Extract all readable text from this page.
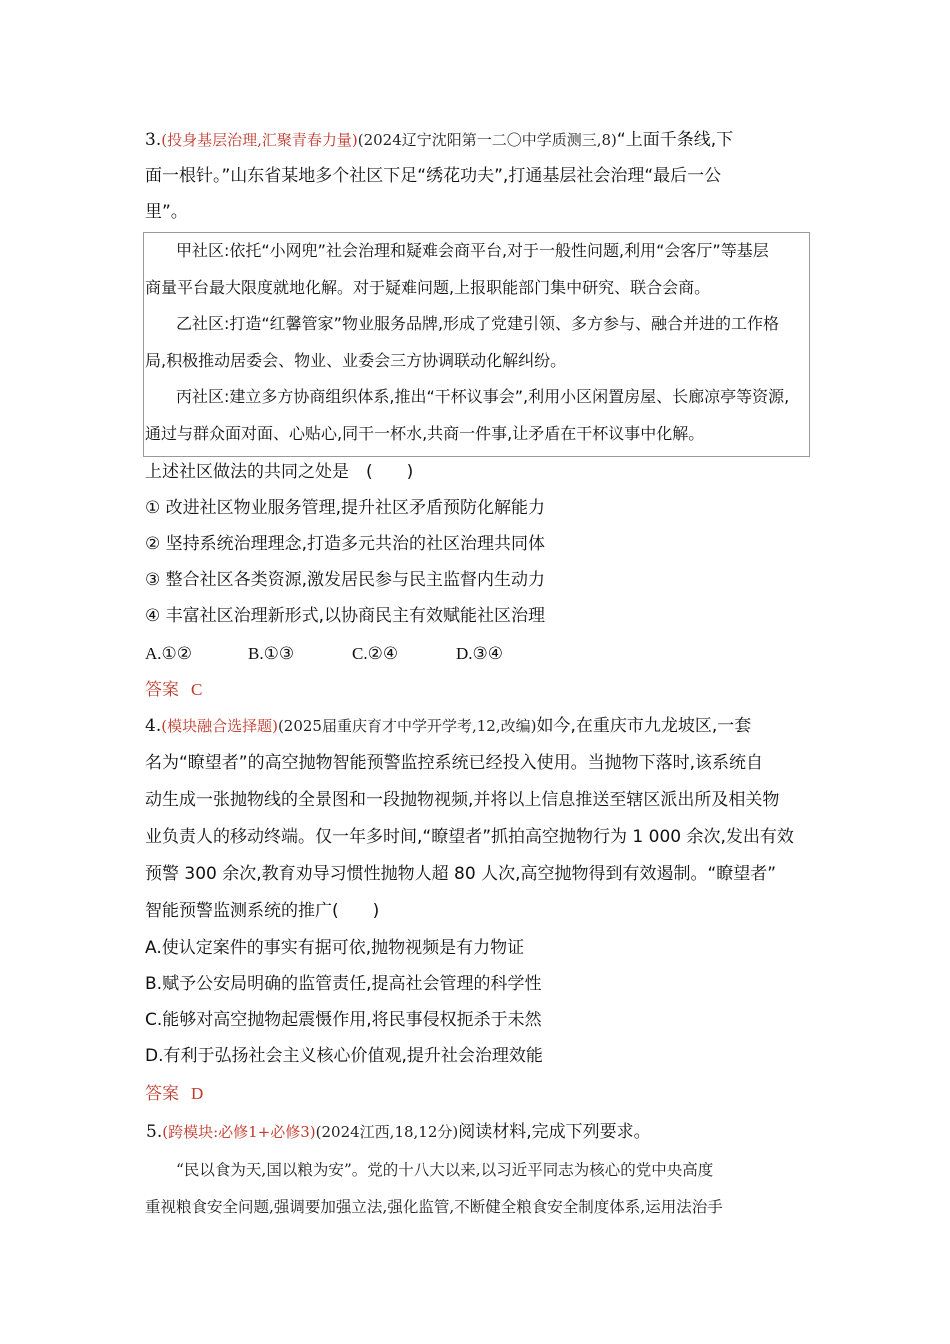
3.(投身基层治理,汇聚青春力量)(2024辽宁沈阳第一二〇中学质测三,8)“上面千条线,下
面一根针。”山东省某地多个社区下足“绣花功夫”,打通基层社会治理“最后一公
里”。
甲社区:依托“小网兜”社会治理和疑难会商平台,对于一般性问题,利用“会客厅”等基层
商量平台最大限度就地化解。对于疑难问题,上报职能部门集中研究、联合会商。
乙社区:打造“红馨管家”物业服务品牌,形成了党建引领、多方参与、融合并进的工作格
局,积极推动居委会、物业、业委会三方协调联动化解纠纷。
丙社区:建立多方协商组织体系,推出“干杯议事会”,利用小区闲置房屋、长廊凉亭等资源,
通过与群众面对面、心贴心,同干一杯水,共商一件事,让矛盾在干杯议事中化解。
上述社区做法的共同之处是　(　　)
① 改进社区物业服务管理,提升社区矛盾预防化解能力
② 坚持系统治理理念,打造多元共治的社区治理共同体
③ 整合社区各类资源,激发居民参与民主监督内生动力
④ 丰富社区治理新形式,以协商民主有效赋能社区治理
A.①②	B.①③	C.②④	D.③④
答案 C
4.(模块融合选择题)(2025届重庆育才中学开学考,12,改编)如今,在重庆市九龙坡区,一套
名为“瞭望者”的高空抛物智能预警监控系统已经投入使用。当抛物下落时,该系统自
动生成一张抛物线的全景图和一段抛物视频,并将以上信息推送至辖区派出所及相关物
业负责人的移动终端。仅一年多时间,“瞭望者”抓拍高空抛物行为 1 000 余次,发出有效
预警 300 余次,教育劝导习惯性抛物人超 80 人次,高空抛物得到有效遏制。“瞭望者”
智能预警监测系统的推广(　　)
A.使认定案件的事实有据可依,抛物视频是有力物证
B.赋予公安局明确的监管责任,提高社会管理的科学性
C.能够对高空抛物起震慑作用,将民事侵权扼杀于未然
D.有利于弘扬社会主义核心价值观,提升社会治理效能
答案 D
5.(跨模块:必修1+必修3)(2024江西,18,12分)阅读材料,完成下列要求。
“民以食为天,国以粮为安”。党的十八大以来,以习近平同志为核心的党中央高度
重视粮食安全问题,强调要加强立法,强化监管,不断健全粮食安全制度体系,运用法治手
